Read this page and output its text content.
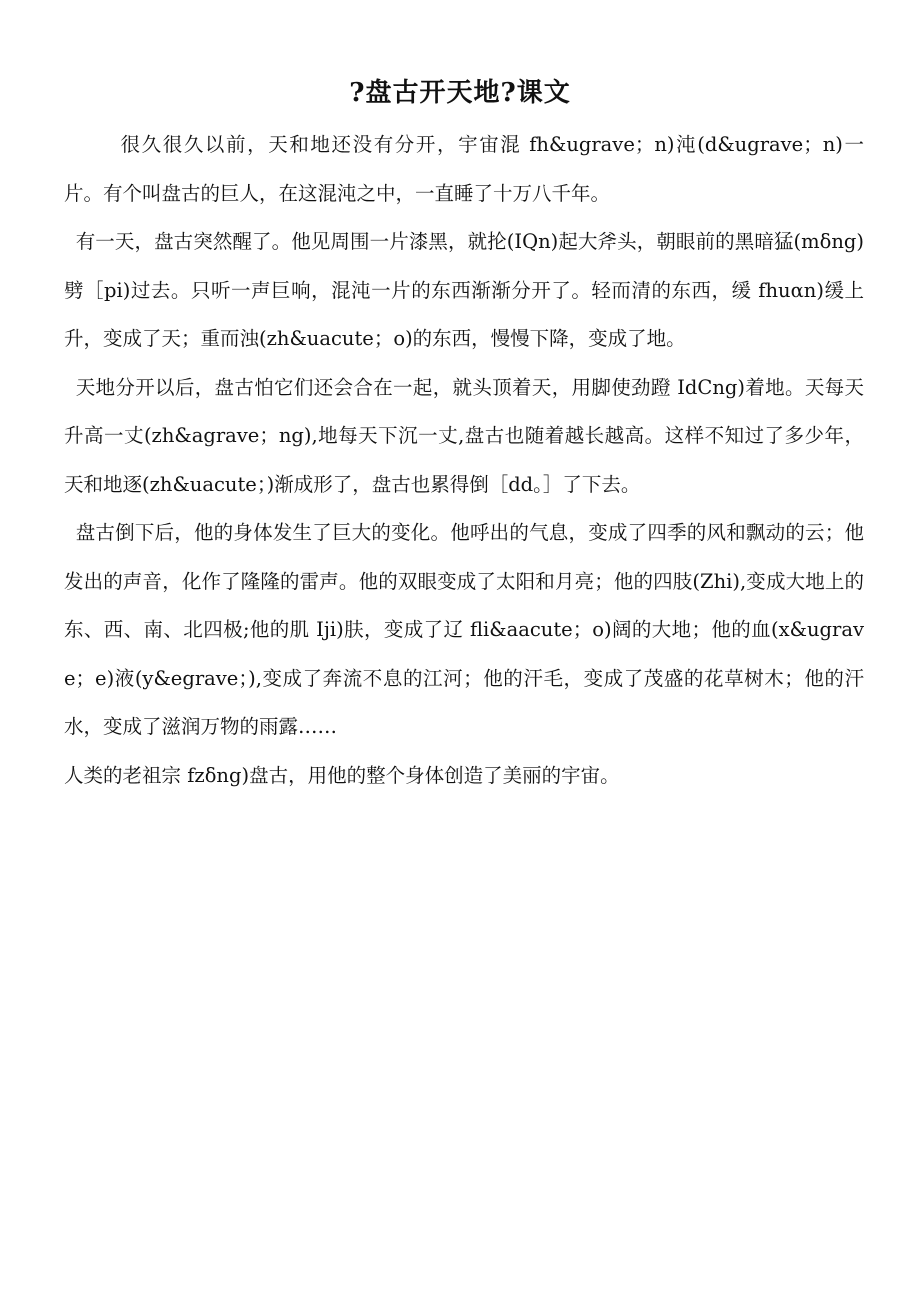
?盘古开天地?课文

很久很久以前，天和地还没有分开，宇宙混 fh&ugrave；n)沌(d&ugrave；n)一片。有个叫盘古的巨人，在这混沌之中，一直睡了十万八千年。

有一天，盘古突然醒了。他见周围一片漆黑，就抡(IQn)起大斧头，朝眼前的黑暗猛(mδng)劈［pi)过去。只听一声巨响，混沌一片的东西渐渐分开了。轻而清的东西，缓 fhuαn)缓上升，变成了天；重而浊(zh&uacute；o)的东西，慢慢下降，变成了地。

天地分开以后，盘古怕它们还会合在一起，就头顶着天，用脚使劲蹬 IdCng)着地。天每天升高一丈(zh&agrave；ng),地每天下沉一丈,盘古也随着越长越高。这样不知过了多少年，天和地逐(zh&uacute；)渐成形了，盘古也累得倒［dd。］了下去。

盘古倒下后，他的身体发生了巨大的变化。他呼出的气息，变成了四季的风和飘动的云；他发出的声音，化作了隆隆的雷声。他的双眼变成了太阳和月亮；他的四肢(Zhi),变成大地上的东、西、南、北四极;他的肌 Iji)肤，变成了辽 fli&aacute；o)阔的大地；他的血(x&ugrave；e)液(y&egrave；),变成了奔流不息的江河；他的汗毛，变成了茂盛的花草树木；他的汗水，变成了滋润万物的雨露……

人类的老祖宗 fzδng)盘古，用他的整个身体创造了美丽的宇宙。
